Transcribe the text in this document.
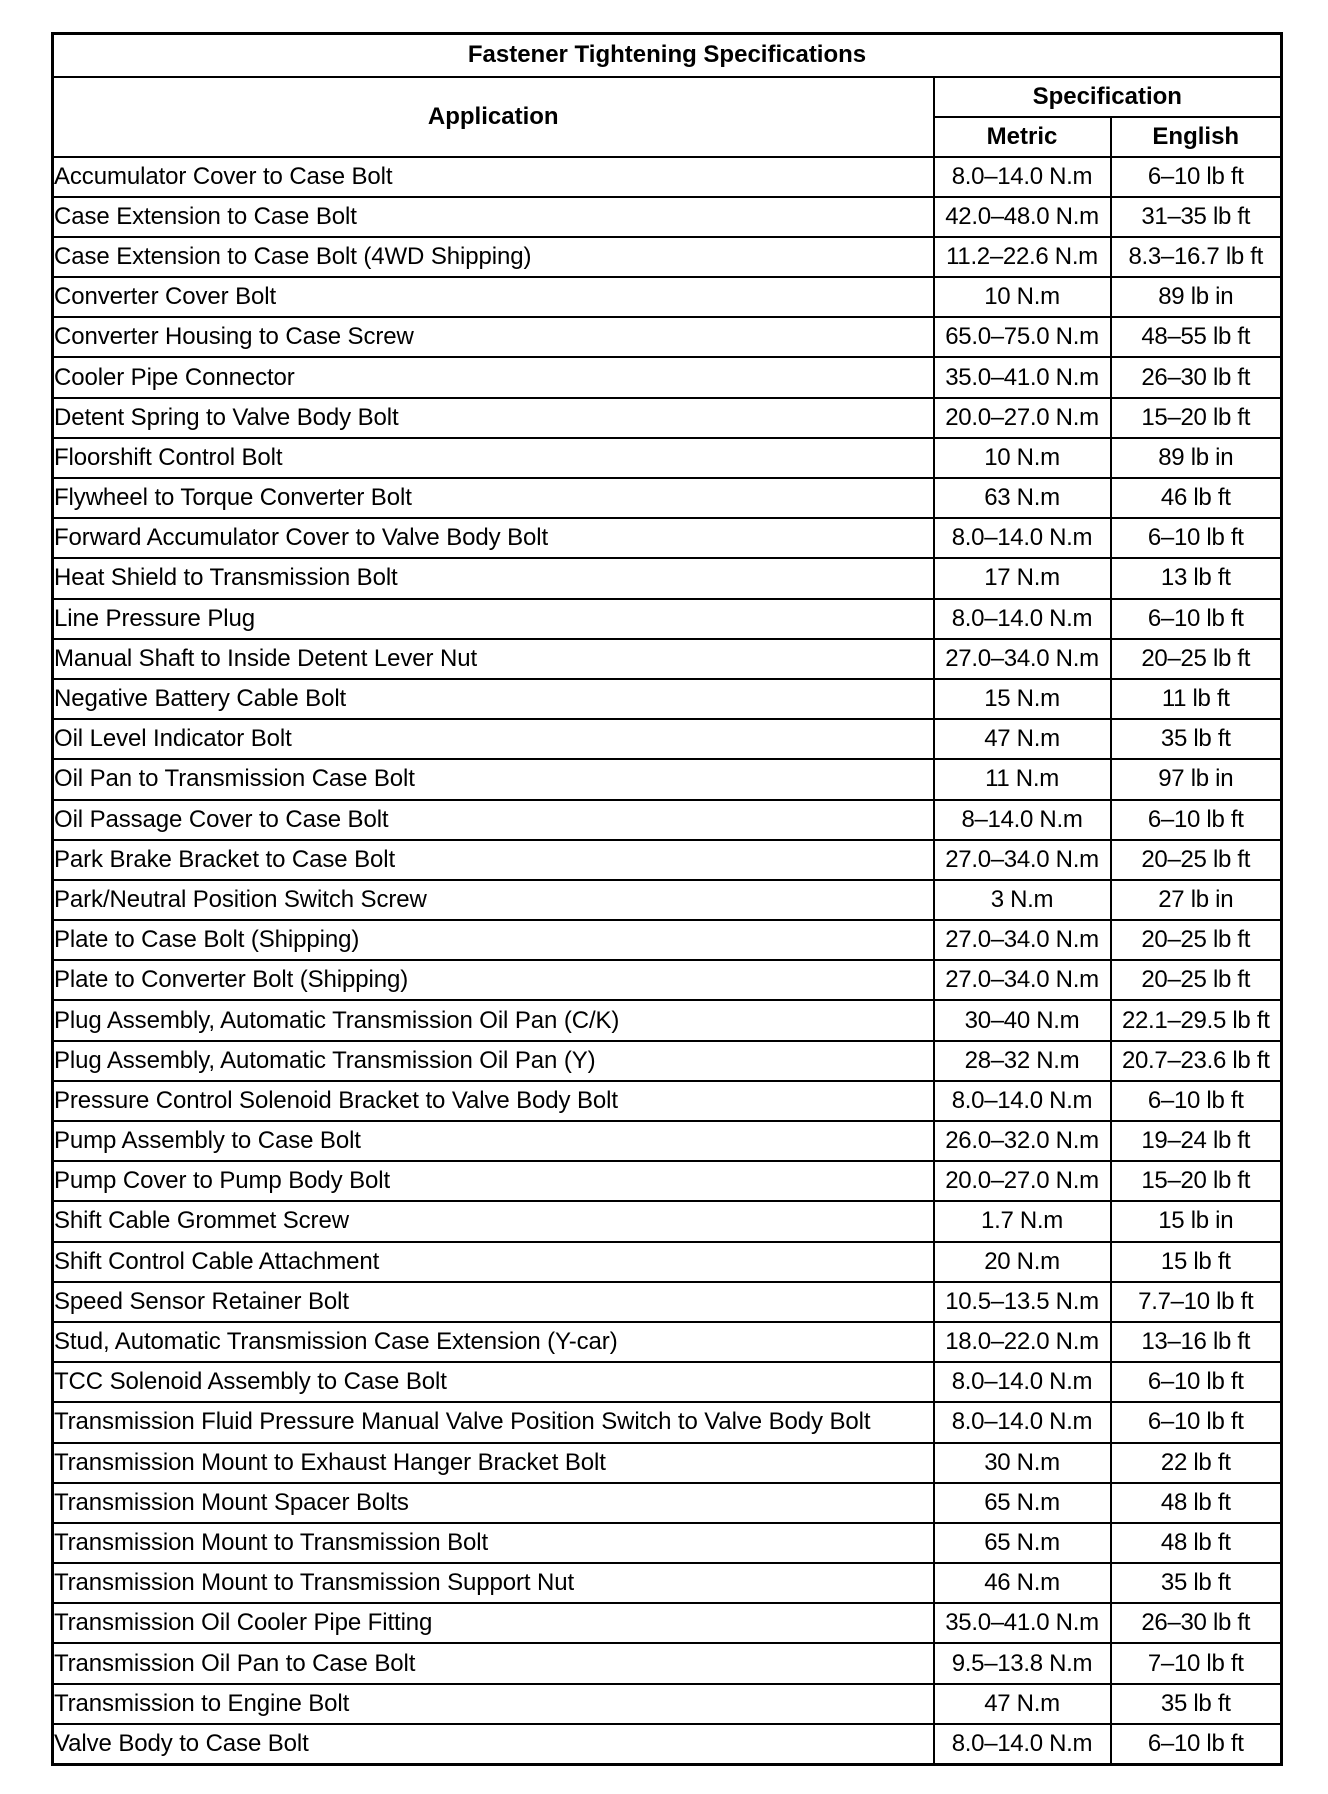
Fastener Tightening Specifications		
Application	Specification	
	Metric	English
Accumulator Cover to Case Bolt	8.0–14.0 N.m	6–10 lb ft
Case Extension to Case Bolt	42.0–48.0 N.m	31–35 lb ft
Case Extension to Case Bolt (4WD Shipping)	11.2–22.6 N.m	8.3–16.7 lb ft
Converter Cover Bolt	10 N.m	89 lb in
Converter Housing to Case Screw	65.0–75.0 N.m	48–55 lb ft
Cooler Pipe Connector	35.0–41.0 N.m	26–30 lb ft
Detent Spring to Valve Body Bolt	20.0–27.0 N.m	15–20 lb ft
Floorshift Control Bolt	10 N.m	89 lb in
Flywheel to Torque Converter Bolt	63 N.m	46 lb ft
Forward Accumulator Cover to Valve Body Bolt	8.0–14.0 N.m	6–10 lb ft
Heat Shield to Transmission Bolt	17 N.m	13 lb ft
Line Pressure Plug	8.0–14.0 N.m	6–10 lb ft
Manual Shaft to Inside Detent Lever Nut	27.0–34.0 N.m	20–25 lb ft
Negative Battery Cable Bolt	15 N.m	11 lb ft
Oil Level Indicator Bolt	47 N.m	35 lb ft
Oil Pan to Transmission Case Bolt	11 N.m	97 lb in
Oil Passage Cover to Case Bolt	8–14.0 N.m	6–10 lb ft
Park Brake Bracket to Case Bolt	27.0–34.0 N.m	20–25 lb ft
Park/Neutral Position Switch Screw	3 N.m	27 lb in
Plate to Case Bolt (Shipping)	27.0–34.0 N.m	20–25 lb ft
Plate to Converter Bolt (Shipping)	27.0–34.0 N.m	20–25 lb ft
Plug Assembly, Automatic Transmission Oil Pan (C/K)	30–40 N.m	22.1–29.5 lb ft
Plug Assembly, Automatic Transmission Oil Pan (Y)	28–32 N.m	20.7–23.6 lb ft
Pressure Control Solenoid Bracket to Valve Body Bolt	8.0–14.0 N.m	6–10 lb ft
Pump Assembly to Case Bolt	26.0–32.0 N.m	19–24 lb ft
Pump Cover to Pump Body Bolt	20.0–27.0 N.m	15–20 lb ft
Shift Cable Grommet Screw	1.7 N.m	15 lb in
Shift Control Cable Attachment	20 N.m	15 lb ft
Speed Sensor Retainer Bolt	10.5–13.5 N.m	7.7–10 lb ft
Stud, Automatic Transmission Case Extension (Y-car)	18.0–22.0 N.m	13–16 lb ft
TCC Solenoid Assembly to Case Bolt	8.0–14.0 N.m	6–10 lb ft
Transmission Fluid Pressure Manual Valve Position Switch to Valve Body Bolt	8.0–14.0 N.m	6–10 lb ft
Transmission Mount to Exhaust Hanger Bracket Bolt	30 N.m	22 lb ft
Transmission Mount Spacer Bolts	65 N.m	48 lb ft
Transmission Mount to Transmission Bolt	65 N.m	48 lb ft
Transmission Mount to Transmission Support Nut	46 N.m	35 lb ft
Transmission Oil Cooler Pipe Fitting	35.0–41.0 N.m	26–30 lb ft
Transmission Oil Pan to Case Bolt	9.5–13.8 N.m	7–10 lb ft
Transmission to Engine Bolt	47 N.m	35 lb ft
Valve Body to Case Bolt	8.0–14.0 N.m	6–10 lb ft
